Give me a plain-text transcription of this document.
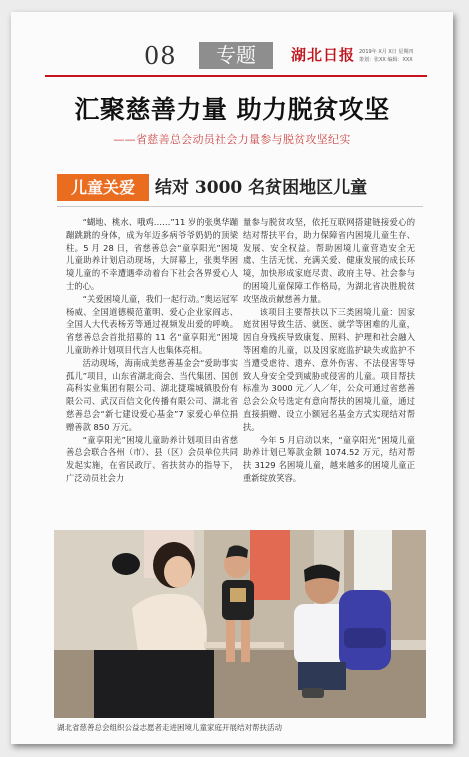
08	专题	湖北日报 2019年 X月 X日 星期四
策划：张XX 编辑：XXX
汇聚慈善力量 助力脱贫攻坚
——省慈善总会动员社会力量参与脱贫攻坚纪实
儿童关爱	结对 3000 名贫困地区儿童

“蝴地、桃水、哦鸡……”11 岁的张奥华蹦蹦跳跳的身体，成为年迈多病爷爷奶奶的顶梁柱。5 月 28 日，省慈善总会“童享阳光”困境儿童助养计划启动现场，大屏幕上，张奥华困境儿童的不幸遭遇牵动着台下社会各界爱心人士的心。

“关爱困境儿童，我们一起行动。”奥运冠军杨威、全国道德模范董明、爱心企业家阎志、全国人大代表杨芳等通过视频发出爱的呼唤。省慈善总会首批招募的 11 名“童享阳光”困境儿童助养计划项目代言人也集体亮相。

活动现场，海南成美慈善基金会“爱助事实孤儿”项目，山东省湖北商会、当代集团、国创高科实业集团有限公司、湖北捷瑞城镇股份有限公司、武汉百信文化传播有限公司、湖北省慈善总会“新七建设爱心基金”7 家爱心单位捐赠善款 850 万元。

“童享阳光”困境儿童助养计划项目由省慈善总会联合各州（市）、县（区）会员单位共同发起实施，在省民政厅、省扶贫办的指导下，广泛动员社会力

量参与脱贫攻坚，依托互联网搭建链接爱心的结对帮扶平台，助力保障省内困境儿童生存、发展、安全权益。帮助困境儿童营造安全无虞、生活无忧、充满关爱、健康发展的成长环境，加快形成家庭尽责、政府主导、社会参与的困境儿童保障工作格局，为湖北省决胜脱贫攻坚战贡献慈善力量。

该项目主要帮扶以下三类困境儿童：因家庭贫困导致生活、就医、就学等困难的儿童，因自身残疾导致康复、照料、护理和社会融入等困难的儿童，以及因家庭监护缺失或监护不当遭受虐待、遗弃、意外伤害、不法侵害等导致人身安全受到威胁或侵害的儿童。项目帮扶标准为 3000 元／人／年，公众可通过省慈善总会公众号选定有意向帮扶的困境儿童，通过直接捐赠、设立小额冠名基金方式实现结对帮扶。

今年 5 月启动以来，“童享阳光”困境儿童助养计划已筹款金额 1074.52 万元，结对帮扶 3129 名困境儿童，越来越多的困境儿童正重新绽放笑容。

湖北省慈善总会组织公益志愿者走进困境儿童家庭开展结对帮扶活动
